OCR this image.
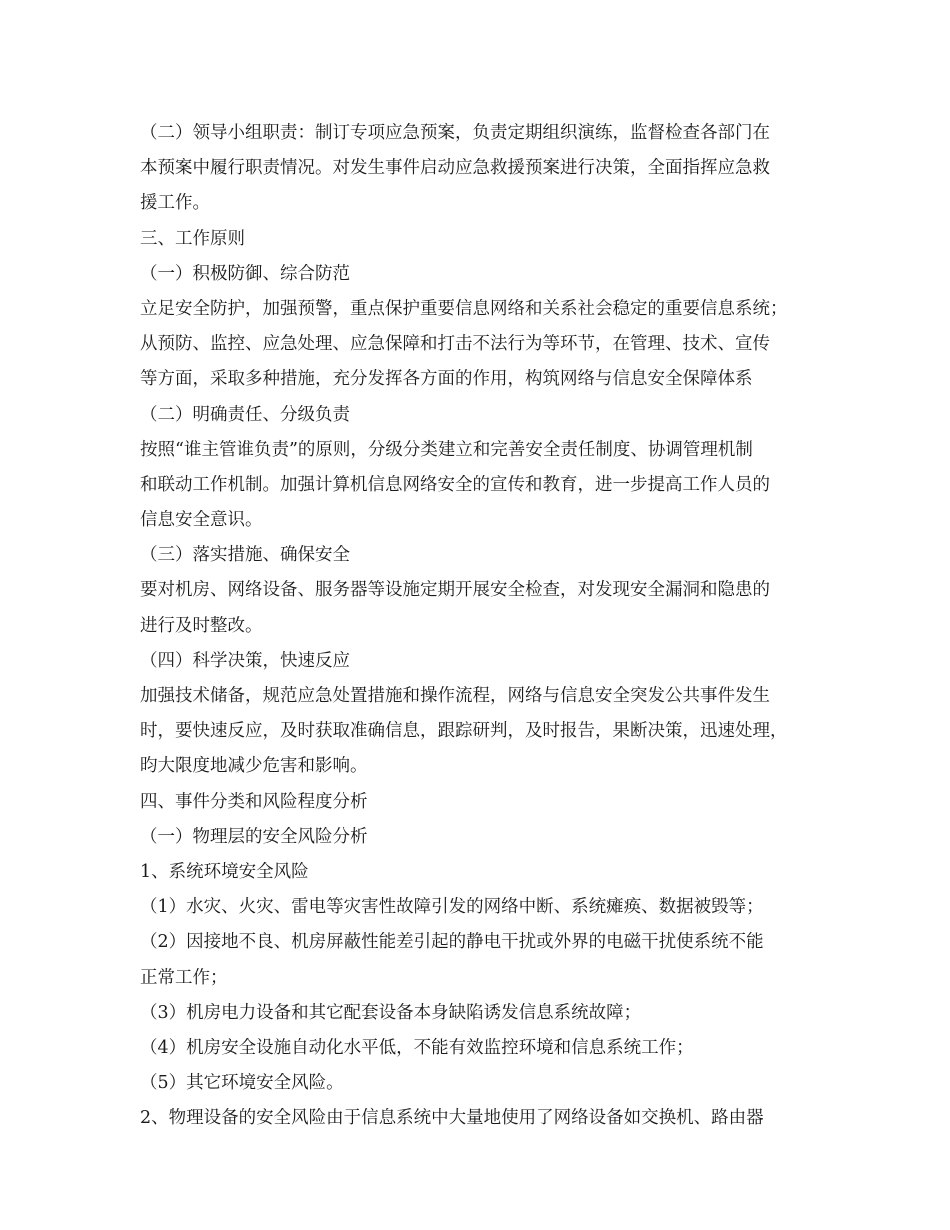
（二）领导小组职责：制订专项应急预案，负责定期组织演练，监督检查各部门在
本预案中履行职责情况。对发生事件启动应急救援预案进行决策，全面指挥应急救
援工作。
三、工作原则
（一）积极防御、综合防范
立足安全防护，加强预警，重点保护重要信息网络和关系社会稳定的重要信息系统；
从预防、监控、应急处理、应急保障和打击不法行为等环节，在管理、技术、宣传
等方面，采取多种措施，充分发挥各方面的作用，构筑网络与信息安全保障体系
（二）明确责任、分级负责
按照“谁主管谁负责”的原则，分级分类建立和完善安全责任制度、协调管理机制
和联动工作机制。加强计算机信息网络安全的宣传和教育，进一步提高工作人员的
信息安全意识。
（三）落实措施、确保安全
要对机房、网络设备、服务器等设施定期开展安全检查，对发现安全漏洞和隐患的
进行及时整改。
（四）科学决策，快速反应
加强技术储备，规范应急处置措施和操作流程，网络与信息安全突发公共事件发生
时，要快速反应，及时获取准确信息，跟踪研判，及时报告，果断决策，迅速处理，
昀大限度地减少危害和影响。
四、事件分类和风险程度分析
（一）物理层的安全风险分析
1、系统环境安全风险
（1）水灾、火灾、雷电等灾害性故障引发的网络中断、系统瘫痪、数据被毁等；
（2）因接地不良、机房屏蔽性能差引起的静电干扰或外界的电磁干扰使系统不能
正常工作；
（3）机房电力设备和其它配套设备本身缺陷诱发信息系统故障；
（4）机房安全设施自动化水平低，不能有效监控环境和信息系统工作；
（5）其它环境安全风险。
2、物理设备的安全风险由于信息系统中大量地使用了网络设备如交换机、路由器
